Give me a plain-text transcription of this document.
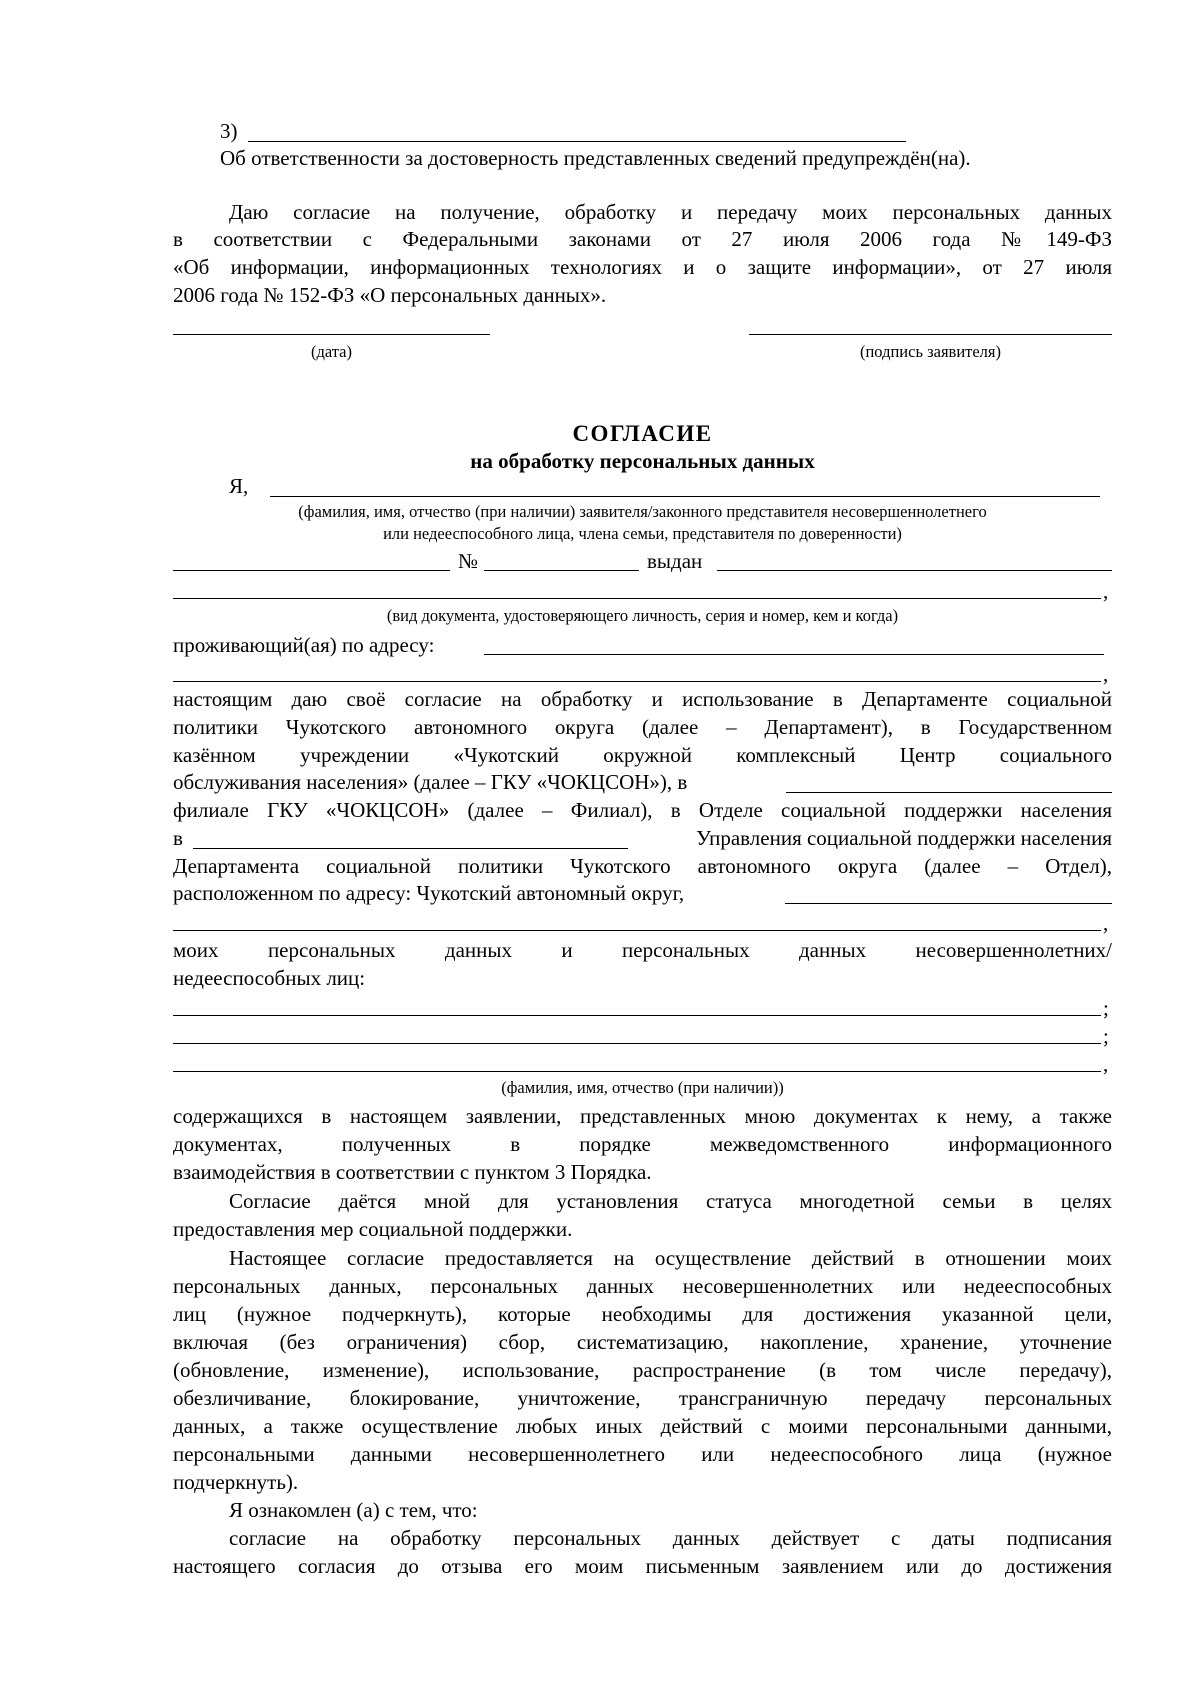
3)
Об ответственности за достоверность представленных сведений предупреждён(на).
Даю согласие на получение, обработку и передачу моих персональных данных
в соответствии с Федеральными законами от 27 июля 2006 года №149-ФЗ
«Об информации, информационных технологиях и о защите информации», от 27 июля
2006 года № 152-ФЗ «О персональных данных».
(дата)	(подпись заявителя)
СОГЛАСИЕ
на обработку персональных данных
Я,
(фамилия, имя, отчество (при наличии) заявителя/законного представителя несовершеннолетнего
или недееспособного лица, члена семьи, представителя по доверенности)
№	выдан
,
(вид документа, удостоверяющего личность, серия и номер, кем и когда)
проживающий(ая) по адресу:
,
настоящим даю своё согласие на обработку и использование в Департаменте социальной
политики Чукотского автономного округа (далее – Департамент), в Государственном
казённом учреждении «Чукотский окружной комплексный Центр социального
обслуживания населения» (далее – ГКУ «ЧОКЦСОН»), в
филиале ГКУ «ЧОКЦСОН» (далее – Филиал), в Отделе социальной поддержки населения
в	Управления социальной поддержки населения
Департамента социальной политики Чукотского автономного округа (далее – Отдел),
расположенном по адресу: Чукотский автономный округ,
,
моих персональных данных и персональных данных несовершеннолетних/
недееспособных лиц:
;
;
,
(фамилия, имя, отчество (при наличии))
содержащихся в настоящем заявлении, представленных мною документах к нему, а также
документах, полученных в порядке межведомственного информационного
взаимодействия в соответствии с пунктом 3 Порядка.
Согласие даётся мной для установления статуса многодетной семьи в целях
предоставления мер социальной поддержки.
Настоящее согласие предоставляется на осуществление действий в отношении моих
персональных данных, персональных данных несовершеннолетних или недееспособных
лиц (нужное подчеркнуть), которые необходимы для достижения указанной цели,
включая (без ограничения) сбор, систематизацию, накопление, хранение, уточнение
(обновление, изменение), использование, распространение (в том числе передачу),
обезличивание, блокирование, уничтожение, трансграничную передачу персональных
данных, а также осуществление любых иных действий с моими персональными данными,
персональными данными несовершеннолетнего или недееспособного лица (нужное
подчеркнуть).
Я ознакомлен (а) с тем, что:
согласие на обработку персональных данных действует с даты подписания
настоящего согласия до отзыва его моим письменным заявлением или до достижения
